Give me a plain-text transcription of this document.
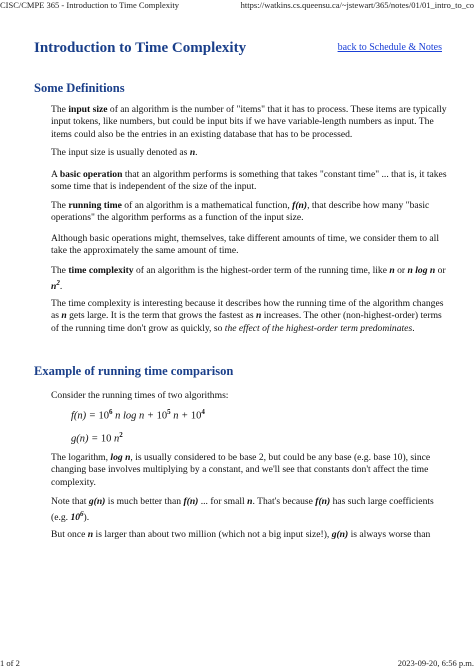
CISC/CMPE 365 - Introduction to Time Complexity	https://watkins.cs.queensu.ca/~jstewart/365/notes/01/01_intro_to_co
Introduction to Time Complexity	back to Schedule & Notes
Some Definitions

The input size of an algorithm is the number of "items" that it has to process. These items are typically input tokens, like numbers, but could be input bits if we have variable-length numbers as input. The items could also be the entries in an existing database that has to be processed.

The input size is usually denoted as n.

A basic operation that an algorithm performs is something that takes "constant time" ... that is, it takes some time that is independent of the size of the input.

The running time of an algorithm is a mathematical function, f(n), that describe how many "basic operations" the algorithm performs as a function of the input size.

Although basic operations might, themselves, take different amounts of time, we consider them to all take the approximately the same amount of time.

The time complexity of an algorithm is the highest-order term of the running time, like n or n log n or $n^2$.

The time complexity is interesting because it describes how the running time of the algorithm changes as n gets large. It is the term that grows the fastest as n increases. The other (non-highest-order) terms of the running time don't grow as quickly, so the effect of the highest-order term predominates.

Example of running time comparison

Consider the running times of two algorithms:

$f(n) = 10^6$ n $\log n + 10^5$ $n + 10^4$

g(n) = 10 $n^2$

The logarithm, log n, is usually considered to be base 2, but could be any base (e.g. base 10), since changing base involves multiplying by a constant, and we'll see that constants don't affect the time complexity.

Note that g(n) is much better than f(n) ... for small n. That's because f(n) has such large coefficients (e.g. $10^6$).

But once n is larger than about two million (which not a big input size!), g(n) is always worse than

1 of 2	2023-09-20, 6:56 p.m.
